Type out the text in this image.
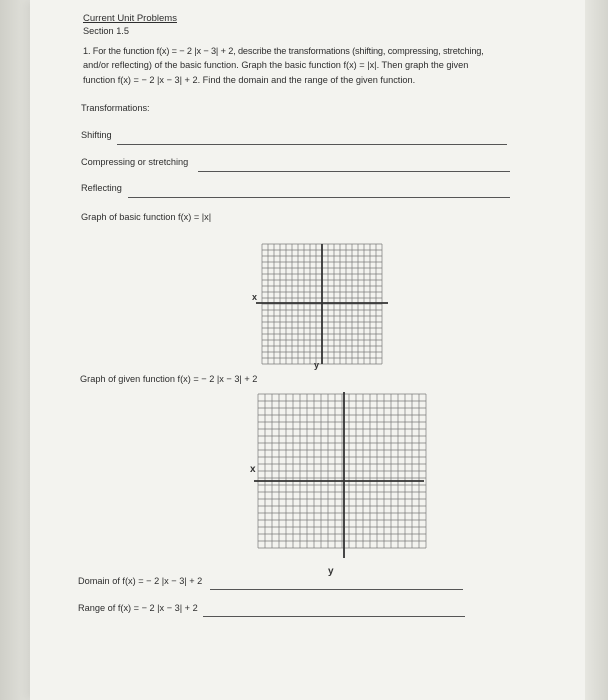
Current Unit Problems
Section 1.5
1. For the function f(x) = − 2 |x − 3| + 2, describe the transformations (shifting, compressing, stretching,
and/or reflecting) of the basic function. Graph the basic function f(x) = |x|. Then graph the given
function f(x) = − 2 |x − 3| + 2. Find the domain and the range of the given function.
Transformations:
Shifting
Compressing or stretching
Reflecting
Graph of basic function f(x) = |x|
x
y
Graph of given function f(x) = − 2 |x − 3| + 2
x
y
Domain of f(x) = − 2 |x − 3| + 2
Range of f(x) = − 2 |x − 3| + 2
